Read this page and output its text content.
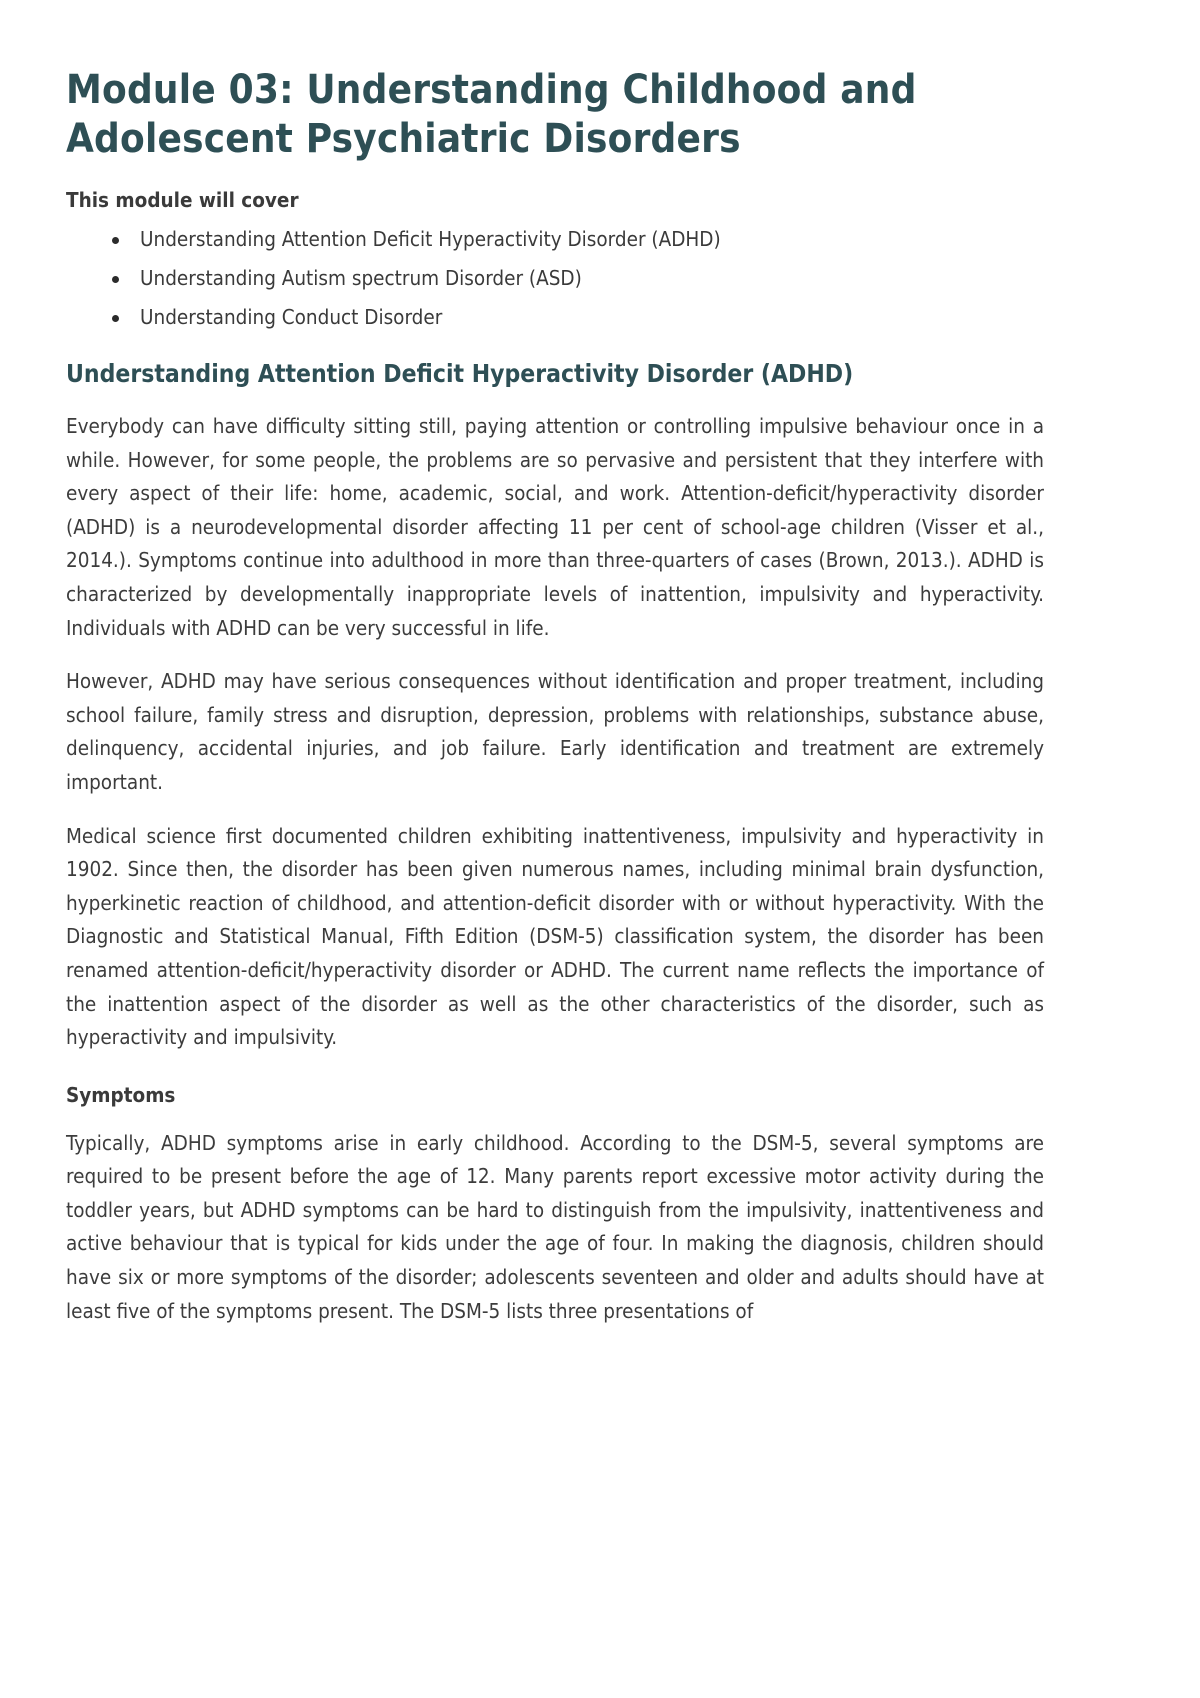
Module 03: Understanding Childhood and Adolescent Psychiatric Disorders

This module will cover

Understanding Attention Deficit Hyperactivity Disorder (ADHD)
Understanding Autism spectrum Disorder (ASD)
Understanding Conduct Disorder
Understanding Attention Deficit Hyperactivity Disorder (ADHD)

Everybody can have difficulty sitting still, paying attention or controlling impulsive behaviour once in a while. However, for some people, the problems are so pervasive and persistent that they interfere with every aspect of their life: home, academic, social, and work. Attention-deficit/hyperactivity disorder (ADHD) is a neurodevelopmental disorder affecting 11 per cent of school-age children (Visser et al., 2014.). Symptoms continue into adulthood in more than three-quarters of cases (Brown, 2013.). ADHD is characterized by developmentally inappropriate levels of inattention, impulsivity and hyperactivity. Individuals with ADHD can be very successful in life.

However, ADHD may have serious consequences without identification and proper treatment, including school failure, family stress and disruption, depression, problems with relationships, substance abuse, delinquency, accidental injuries, and job failure. Early identification and treatment are extremely important.

Medical science first documented children exhibiting inattentiveness, impulsivity and hyperactivity in 1902. Since then, the disorder has been given numerous names, including minimal brain dysfunction, hyperkinetic reaction of childhood, and attention-deficit disorder with or without hyperactivity. With the Diagnostic and Statistical Manual, Fifth Edition (DSM-5) classification system, the disorder has been renamed attention-deficit/hyperactivity disorder or ADHD. The current name reflects the importance of the inattention aspect of the disorder as well as the other characteristics of the disorder, such as hyperactivity and impulsivity.

Symptoms

Typically, ADHD symptoms arise in early childhood. According to the DSM-5, several symptoms are required to be present before the age of 12. Many parents report excessive motor activity during the toddler years, but ADHD symptoms can be hard to distinguish from the impulsivity, inattentiveness and active behaviour that is typical for kids under the age of four. In making the diagnosis, children should have six or more symptoms of the disorder; adolescents seventeen and older and adults should have at least five of the symptoms present. The DSM-5 lists three presentations of
